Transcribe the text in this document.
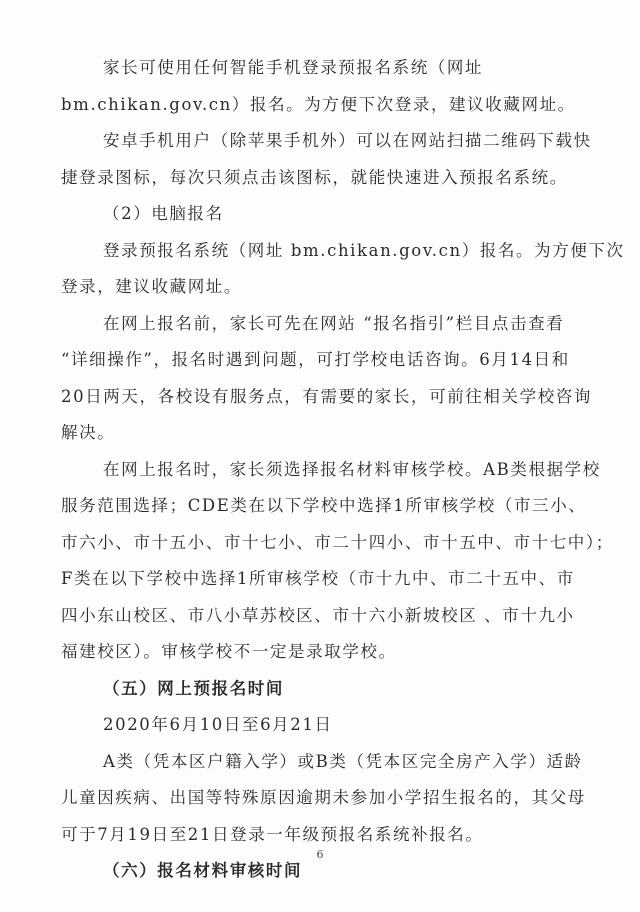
家长可使用任何智能手机登录预报名系统（网址
bm.chikan.gov.cn）报名。为方便下次登录，建议收藏网址。

安卓手机用户（除苹果手机外）可以在网站扫描二维码下载快
捷登录图标，每次只须点击该图标，就能快速进入预报名系统。

（2）电脑报名

登录预报名系统（网址 bm.chikan.gov.cn）报名。为方便下次
登录，建议收藏网址。

在网上报名前，家长可先在网站 “报名指引”栏目点击查看
“详细操作”，报名时遇到问题，可打学校电话咨询。6月14日和
20日两天，各校设有服务点，有需要的家长，可前往相关学校咨询
解决。

在网上报名时，家长须选择报名材料审核学校。AB类根据学校
服务范围选择；CDE类在以下学校中选择1所审核学校（市三小、
市六小、市十五小、市十七小、市二十四小、市十五中、市十七中）；
F类在以下学校中选择1所审核学校（市十九中、市二十五中、市
四小东山校区、市八小草苏校区、市十六小新坡校区 、市十九小
福建校区）。审核学校不一定是录取学校。

（五）网上预报名时间

2020年6月10日至6月21日

A类（凭本区户籍入学）或B类（凭本区完全房产入学）适龄
儿童因疾病、出国等特殊原因逾期未参加小学招生报名的，其父母
可于7月19日至21日登录一年级预报名系统补报名。

（六）报名材料审核时间

6
